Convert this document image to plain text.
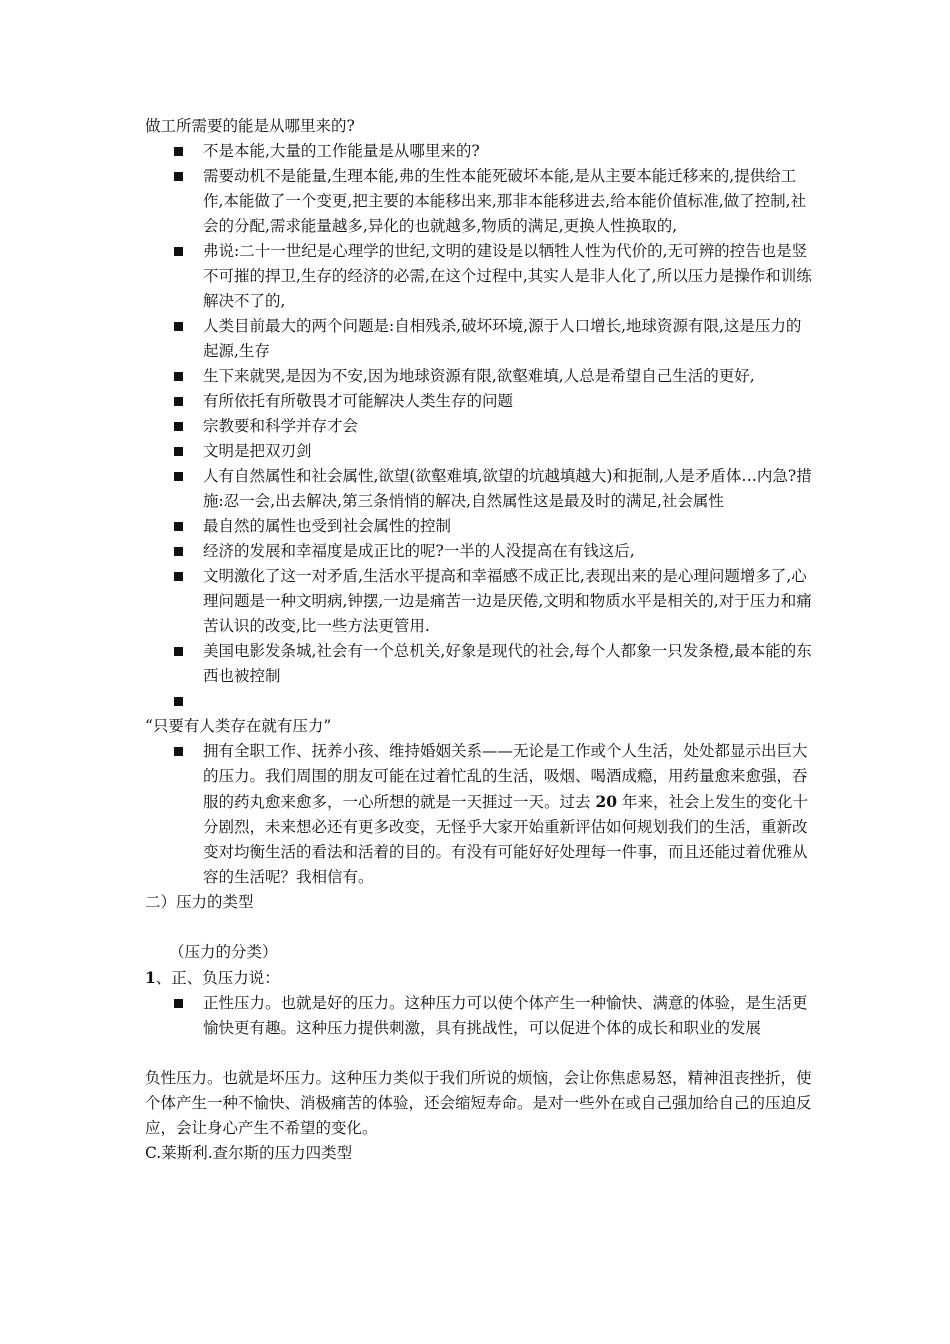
做工所需要的能是从哪里来的?

不是本能,大量的工作能量是从哪里来的?
需要动机不是能量,生理本能,弗的生性本能死破坏本能,是从主要本能迁移来的,提供给工作,本能做了一个变更,把主要的本能移出来,那非本能移进去,给本能价值标准,做了控制,社会的分配,需求能量越多,异化的也就越多,物质的满足,更换人性换取的,
弗说:二十一世纪是心理学的世纪,文明的建设是以牺牲人性为代价的,无可辨的控告也是竖不可摧的捍卫,生存的经济的必需,在这个过程中,其实人是非人化了,所以压力是操作和训练解决不了的,
人类目前最大的两个问题是:自相残杀,破坏环境,源于人口增长,地球资源有限,这是压力的起源,生存
生下来就哭,是因为不安,因为地球资源有限,欲壑难填,人总是希望自己生活的更好,
有所依托有所敬畏才可能解决人类生存的问题
宗教要和科学并存才会
文明是把双刃剑
人有自然属性和社会属性,欲望(欲壑难填,欲望的坑越填越大)和扼制,人是矛盾体…内急?措施:忍一会,出去解决,第三条悄悄的解决,自然属性这是最及时的满足,社会属性
最自然的属性也受到社会属性的控制
经济的发展和幸福度是成正比的呢?一半的人没提高在有钱这后,
文明激化了这一对矛盾,生活水平提高和幸福感不成正比,表现出来的是心理问题增多了,心理问题是一种文明病,钟摆,一边是痛苦一边是厌倦,文明和物质水平是相关的,对于压力和痛苦认识的改变,比一些方法更管用.
美国电影发条城,社会有一个总机关,好象是现代的社会,每个人都象一只发条橙,最本能的东西也被控制

“只要有人类存在就有压力”

拥有全职工作、抚养小孩、维持婚姻关系——无论是工作或个人生活，处处都显示出巨大的压力。我们周围的朋友可能在过着忙乱的生活，吸烟、喝酒成瘾，用药量愈来愈强，吞服的药丸愈来愈多，一心所想的就是一天捱过一天。过去 20 年来，社会上发生的变化十分剧烈，未来想必还有更多改变，无怪乎大家开始重新评估如何规划我们的生活，重新改变对均衡生活的看法和活着的目的。有没有可能好好处理每一件事，而且还能过着优雅从容的生活呢？我相信有。

二）压力的类型

（压力的分类）

1、正、负压力说：

正性压力。也就是好的压力。这种压力可以使个体产生一种愉快、满意的体验，是生活更愉快更有趣。这种压力提供刺激，具有挑战性，可以促进个体的成长和职业的发展

负性压力。也就是坏压力。这种压力类似于我们所说的烦恼，会让你焦虑易怒，精神沮丧挫折，使个体产生一种不愉快、消极痛苦的体验，还会缩短寿命。是对一些外在或自己强加给自己的压迫反应，会让身心产生不希望的变化。

C.莱斯利.查尔斯的压力四类型
